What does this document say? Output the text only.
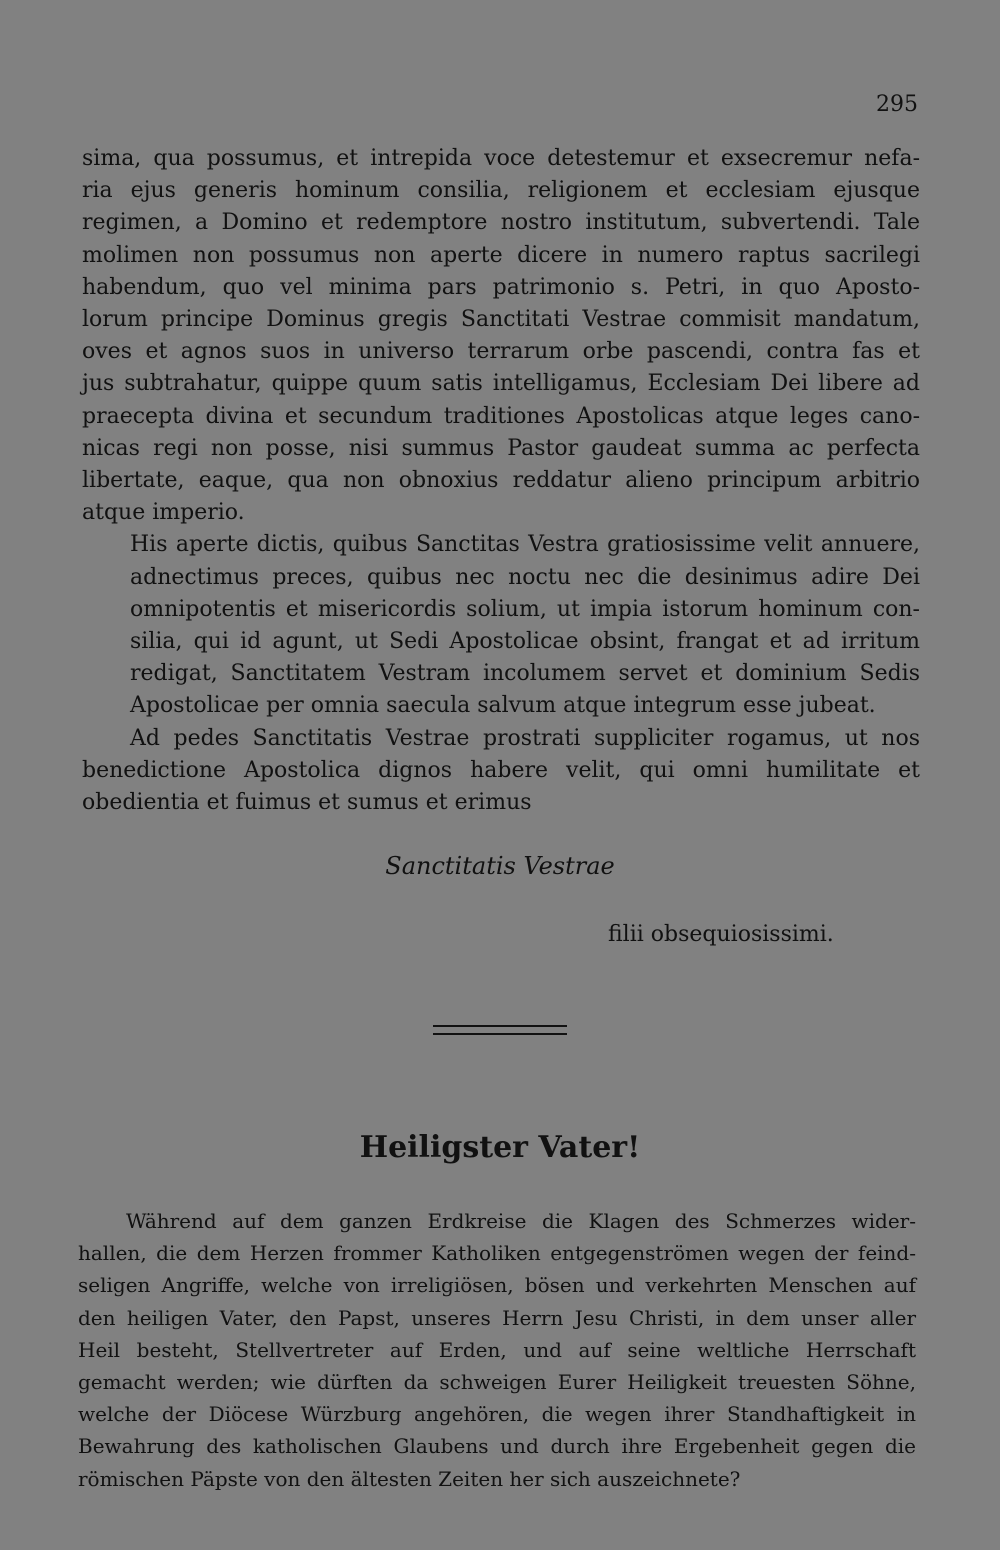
295

sima, qua possumus, et intrepida voce detestemur et exsecremur nefa-
ria ejus generis hominum consilia, religionem et ecclesiam ejusque
regimen, a Domino et redemptore nostro institutum, subvertendi. Tale
molimen non possumus non aperte dicere in numero raptus sacrilegi
habendum, quo vel minima pars patrimonio s. Petri, in quo Aposto-
lorum principe Dominus gregis Sanctitati Vestrae commisit mandatum,
oves et agnos suos in universo terrarum orbe pascendi, contra fas et
jus subtrahatur, quippe quum satis intelligamus, Ecclesiam Dei libere ad
praecepta divina et secundum traditiones Apostolicas atque leges cano-
nicas regi non posse, nisi summus Pastor gaudeat summa ac perfecta
libertate, eaque, qua non obnoxius reddatur alieno principum arbitrio
atque imperio.

His aperte dictis, quibus Sanctitas Vestra gratiosissime velit annuere,
adnectimus preces, quibus nec noctu nec die desinimus adire Dei
omnipotentis et misericordis solium, ut impia istorum hominum con-
silia, qui id agunt, ut Sedi Apostolicae obsint, frangat et ad irritum
redigat, Sanctitatem Vestram incolumem servet et dominium Sedis
Apostolicae per omnia saecula salvum atque integrum esse jubeat.

Ad pedes Sanctitatis Vestrae prostrati suppliciter rogamus, ut nos
benedictione Apostolica dignos habere velit, qui omni humilitate et
obedientia et fuimus et sumus et erimus

Sanctitatis Vestrae
filii obsequiosissimi.
Heiligster Vater!

Während auf dem ganzen Erdkreise die Klagen des Schmerzes wider-
hallen, die dem Herzen frommer Katholiken entgegenströmen wegen der feind-
seligen Angriffe, welche von irreligiösen, bösen und verkehrten Menschen auf
den heiligen Vater, den Papst, unseres Herrn Jesu Christi, in dem unser aller
Heil besteht, Stellvertreter auf Erden, und auf seine weltliche Herrschaft
gemacht werden; wie dürften da schweigen Eurer Heiligkeit treuesten Söhne,
welche der Diöcese Würzburg angehören, die wegen ihrer Standhaftigkeit in
Bewahrung des katholischen Glaubens und durch ihre Ergebenheit gegen die
römischen Päpste von den ältesten Zeiten her sich auszeichnete?
